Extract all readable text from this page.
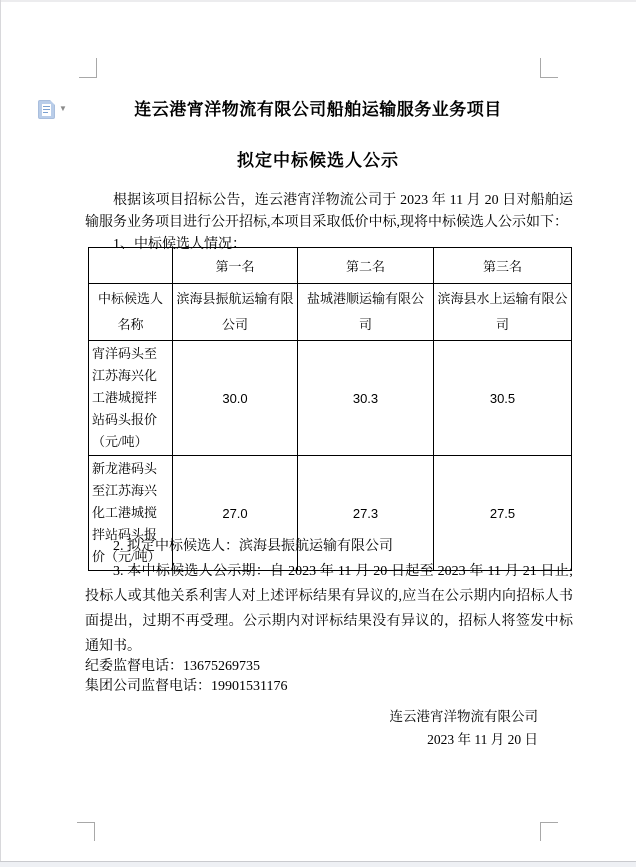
▼	连云港宵洋物流有限公司船舶运输服务业务项目
拟定中标候选人公示

根据该项目招标公告，连云港宵洋物流公司于 2023 年 11 月 20 日对船舶运输服务业务项目进行公开招标,本项目采取低价中标,现将中标候选人公示如下：

1、中标候选人情况：

	第一名	第二名	第三名
中标候选人名称	滨海县振航运输有限公司	盐城港顺运输有限公司	滨海县水上运输有限公司
宵洋码头至江苏海兴化工港城搅拌站码头报价（元/吨）	30.0	30.3	30.5
新龙港码头至江苏海兴化工港城搅拌站码头报价（元/吨）	27.0	27.3	27.5

2. 拟定中标候选人：滨海县振航运输有限公司

3. 本中标候选人公示期：自 2023 年 11 月 20 日起至 2023 年 11 月 21 日止;投标人或其他关系利害人对上述评标结果有异议的,应当在公示期内向招标人书面提出，过期不再受理。公示期内对评标结果没有异议的，招标人将签发中标通知书。

纪委监督电话：13675269735
集团公司监督电话：19901531176
连云港宵洋物流有限公司
2023 年 11 月 20 日
